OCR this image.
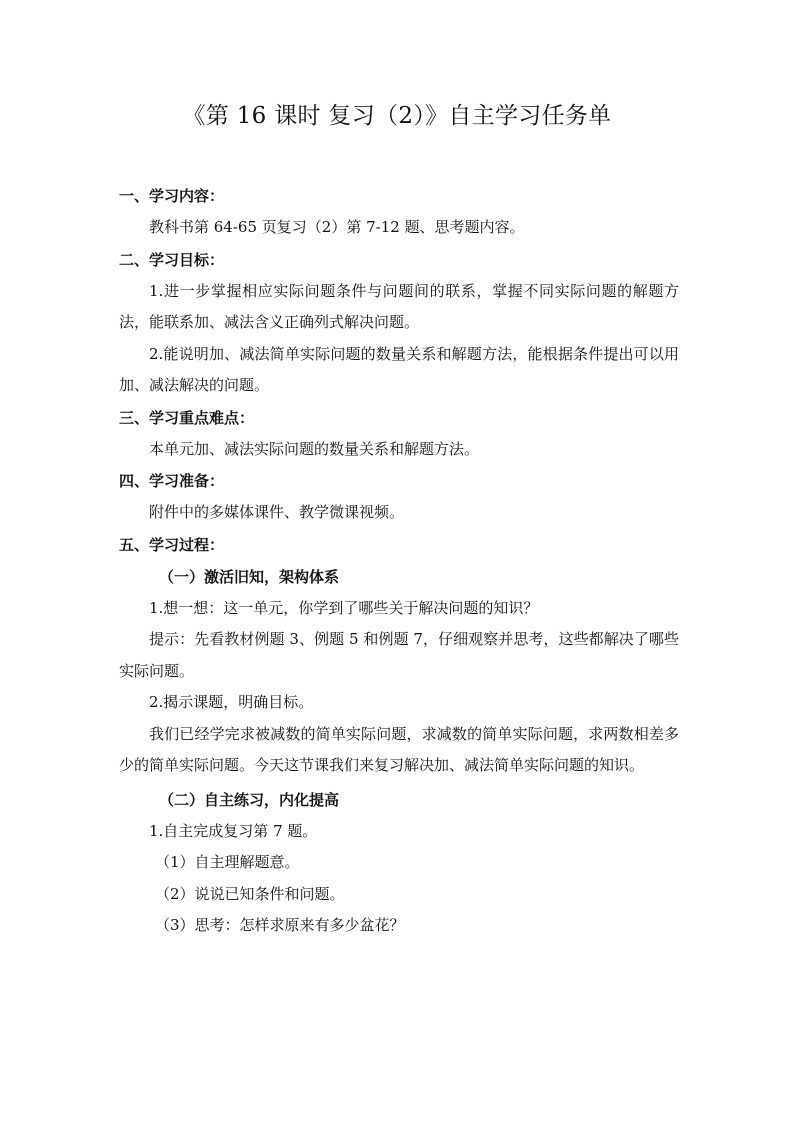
《第 16 课时 复习（2）》自主学习任务单
一、学习内容：

教科书第 64-65 页复习（2）第 7-12 题、思考题内容。

二、学习目标：

1.进一步掌握相应实际问题条件与问题间的联系，掌握不同实际问题的解题方法，能联系加、减法含义正确列式解决问题。

2.能说明加、减法简单实际问题的数量关系和解题方法，能根据条件提出可以用加、减法解决的问题。

三、学习重点难点：

本单元加、减法实际问题的数量关系和解题方法。

四、学习准备：

附件中的多媒体课件、教学微课视频。

五、学习过程：
（一）激活旧知，架构体系

1.想一想：这一单元，你学到了哪些关于解决问题的知识？

提示：先看教材例题 3、例题 5 和例题 7，仔细观察并思考，这些都解决了哪些实际问题。

2.揭示课题，明确目标。

我们已经学完求被减数的简单实际问题，求减数的简单实际问题，求两数相差多少的简单实际问题。今天这节课我们来复习解决加、减法简单实际问题的知识。

（二）自主练习，内化提高

1.自主完成复习第 7 题。

（1）自主理解题意。

（2）说说已知条件和问题。

（3）思考：怎样求原来有多少盆花？
